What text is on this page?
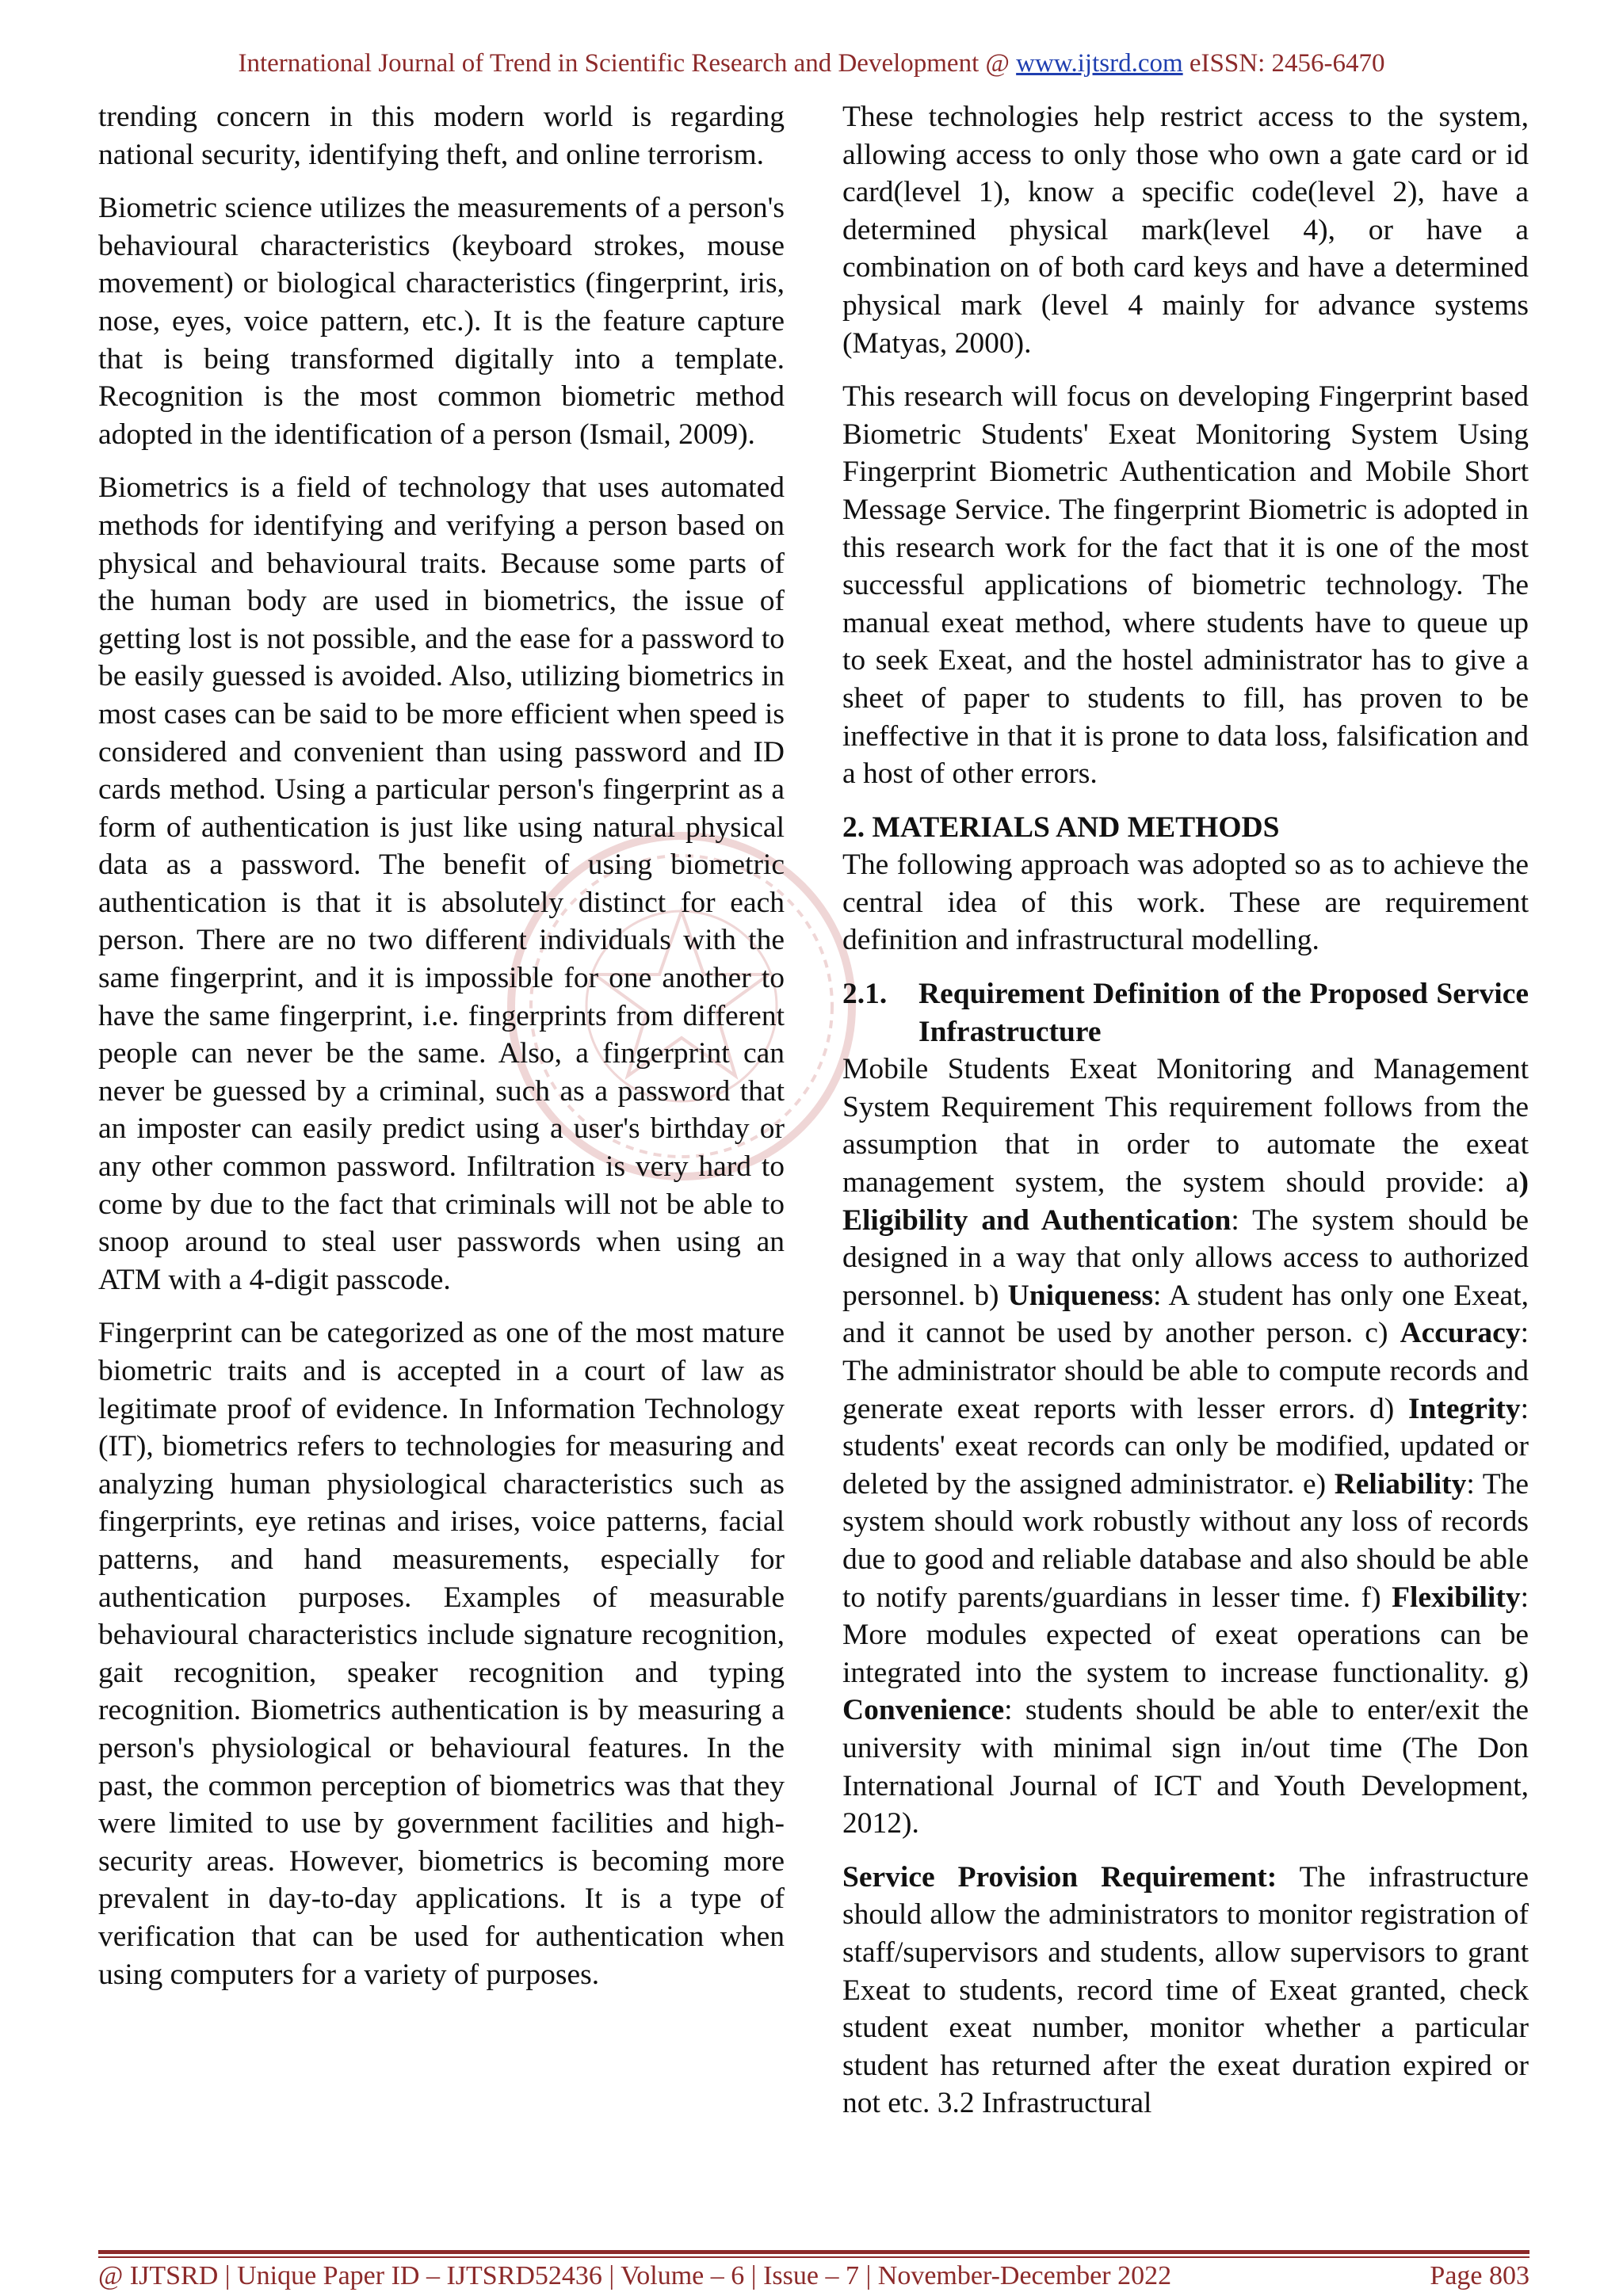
International Journal of Trend in Scientific Research and Development @ www.ijtsrd.com eISSN: 2456-6470

trending concern in this modern world is regarding national security, identifying theft, and online terrorism.

Biometric science utilizes the measurements of a person's behavioural characteristics (keyboard strokes, mouse movement) or biological characteristics (fingerprint, iris, nose, eyes, voice pattern, etc.). It is the feature capture that is being transformed digitally into a template. Recognition is the most common biometric method adopted in the identification of a person (Ismail, 2009).

Biometrics is a field of technology that uses automated methods for identifying and verifying a person based on physical and behavioural traits. Because some parts of the human body are used in biometrics, the issue of getting lost is not possible, and the ease for a password to be easily guessed is avoided. Also, utilizing biometrics in most cases can be said to be more efficient when speed is considered and convenient than using password and ID cards method. Using a particular person's fingerprint as a form of authentication is just like using natural physical data as a password. The benefit of using biometric authentication is that it is absolutely distinct for each person. There are no two different individuals with the same fingerprint, and it is impossible for one another to have the same fingerprint, i.e. fingerprints from different people can never be the same. Also, a fingerprint can never be guessed by a criminal, such as a password that an imposter can easily predict using a user's birthday or any other common password. Infiltration is very hard to come by due to the fact that criminals will not be able to snoop around to steal user passwords when using an ATM with a 4-digit passcode.

Fingerprint can be categorized as one of the most mature biometric traits and is accepted in a court of law as legitimate proof of evidence. In Information Technology (IT), biometrics refers to technologies for measuring and analyzing human physiological characteristics such as fingerprints, eye retinas and irises, voice patterns, facial patterns, and hand measurements, especially for authentication purposes. Examples of measurable behavioural characteristics include signature recognition, gait recognition, speaker recognition and typing recognition. Biometrics authentication is by measuring a person's physiological or behavioural features. In the past, the common perception of biometrics was that they were limited to use by government facilities and high-security areas. However, biometrics is becoming more prevalent in day-to-day applications. It is a type of verification that can be used for authentication when using computers for a variety of purposes.

These technologies help restrict access to the system, allowing access to only those who own a gate card or id card(level 1), know a specific code(level 2), have a determined physical mark(level 4), or have a combination on of both card keys and have a determined physical mark (level 4 mainly for advance systems (Matyas, 2000).

This research will focus on developing Fingerprint based Biometric Students' Exeat Monitoring System Using Fingerprint Biometric Authentication and Mobile Short Message Service. The fingerprint Biometric is adopted in this research work for the fact that it is one of the most successful applications of biometric technology. The manual exeat method, where students have to queue up to seek Exeat, and the hostel administrator has to give a sheet of paper to students to fill, has proven to be ineffective in that it is prone to data loss, falsification and a host of other errors.

2. MATERIALS AND METHODS

The following approach was adopted so as to achieve the central idea of this work. These are requirement definition and infrastructural modelling.

2.1.	Requirement Definition of the Proposed Service Infrastructure

Mobile Students Exeat Monitoring and Management System Requirement This requirement follows from the assumption that in order to automate the exeat management system, the system should provide: a) Eligibility and Authentication: The system should be designed in a way that only allows access to authorized personnel. b) Uniqueness: A student has only one Exeat, and it cannot be used by another person. c) Accuracy: The administrator should be able to compute records and generate exeat reports with lesser errors. d) Integrity: students' exeat records can only be modified, updated or deleted by the assigned administrator. e) Reliability: The system should work robustly without any loss of records due to good and reliable database and also should be able to notify parents/guardians in lesser time. f) Flexibility: More modules expected of exeat operations can be integrated into the system to increase functionality. g) Convenience: students should be able to enter/exit the university with minimal sign in/out time (The Don International Journal of ICT and Youth Development, 2012).

Service Provision Requirement: The infrastructure should allow the administrators to monitor registration of staff/supervisors and students, allow supervisors to grant Exeat to students, record time of Exeat granted, check student exeat number, monitor whether a particular student has returned after the exeat duration expired or not etc. 3.2 Infrastructural

@ IJTSRD | Unique Paper ID – IJTSRD52436 | Volume – 6 | Issue – 7 | November-December 2022	Page 803
